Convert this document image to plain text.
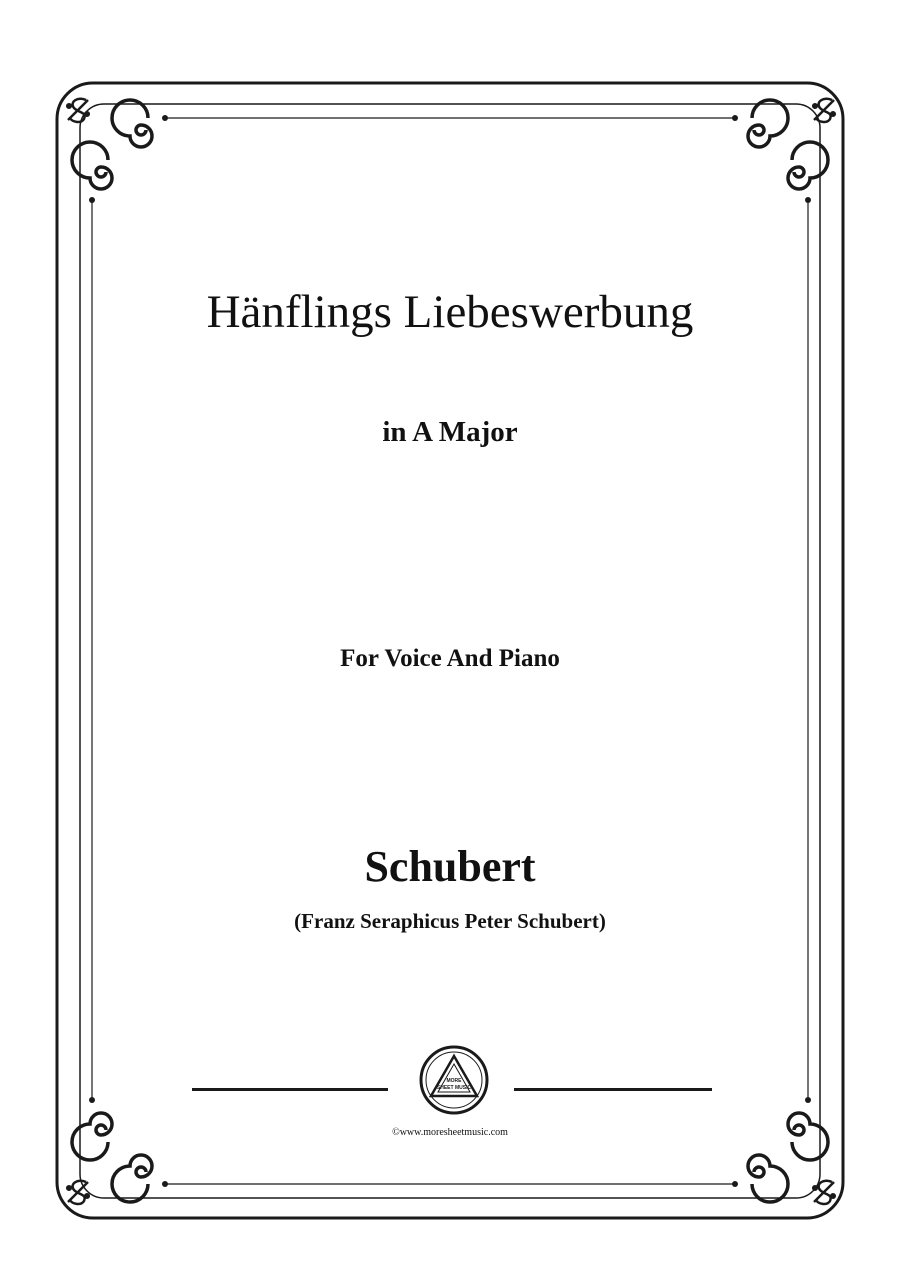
Hänflings Liebeswerbung
in A Major
For Voice And Piano
Schubert
(Franz Seraphicus Peter Schubert)
MORE
SHEET MUSIC
©www.moresheetmusic.com
